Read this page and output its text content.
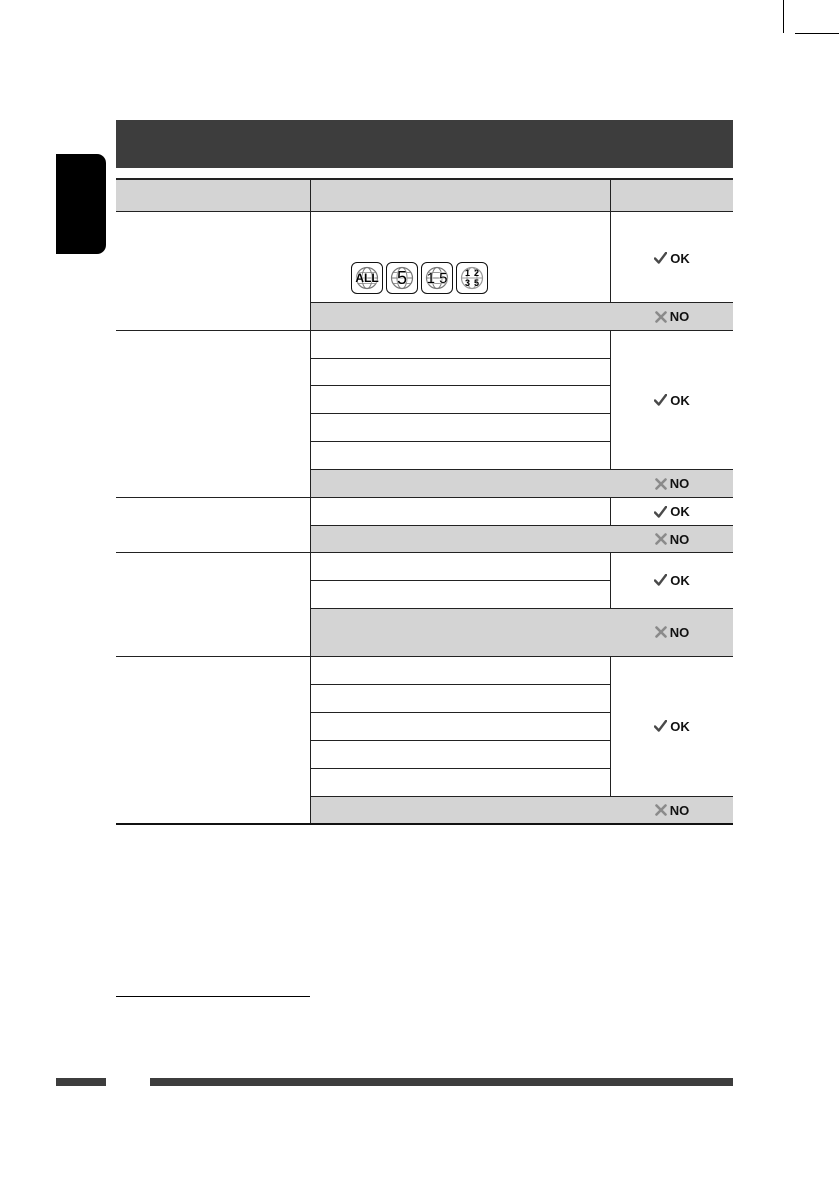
ALL 5 1 5 1 2
3 5
OK
NO
OK
NO
OK
NO
OK
NO
OK
NO
